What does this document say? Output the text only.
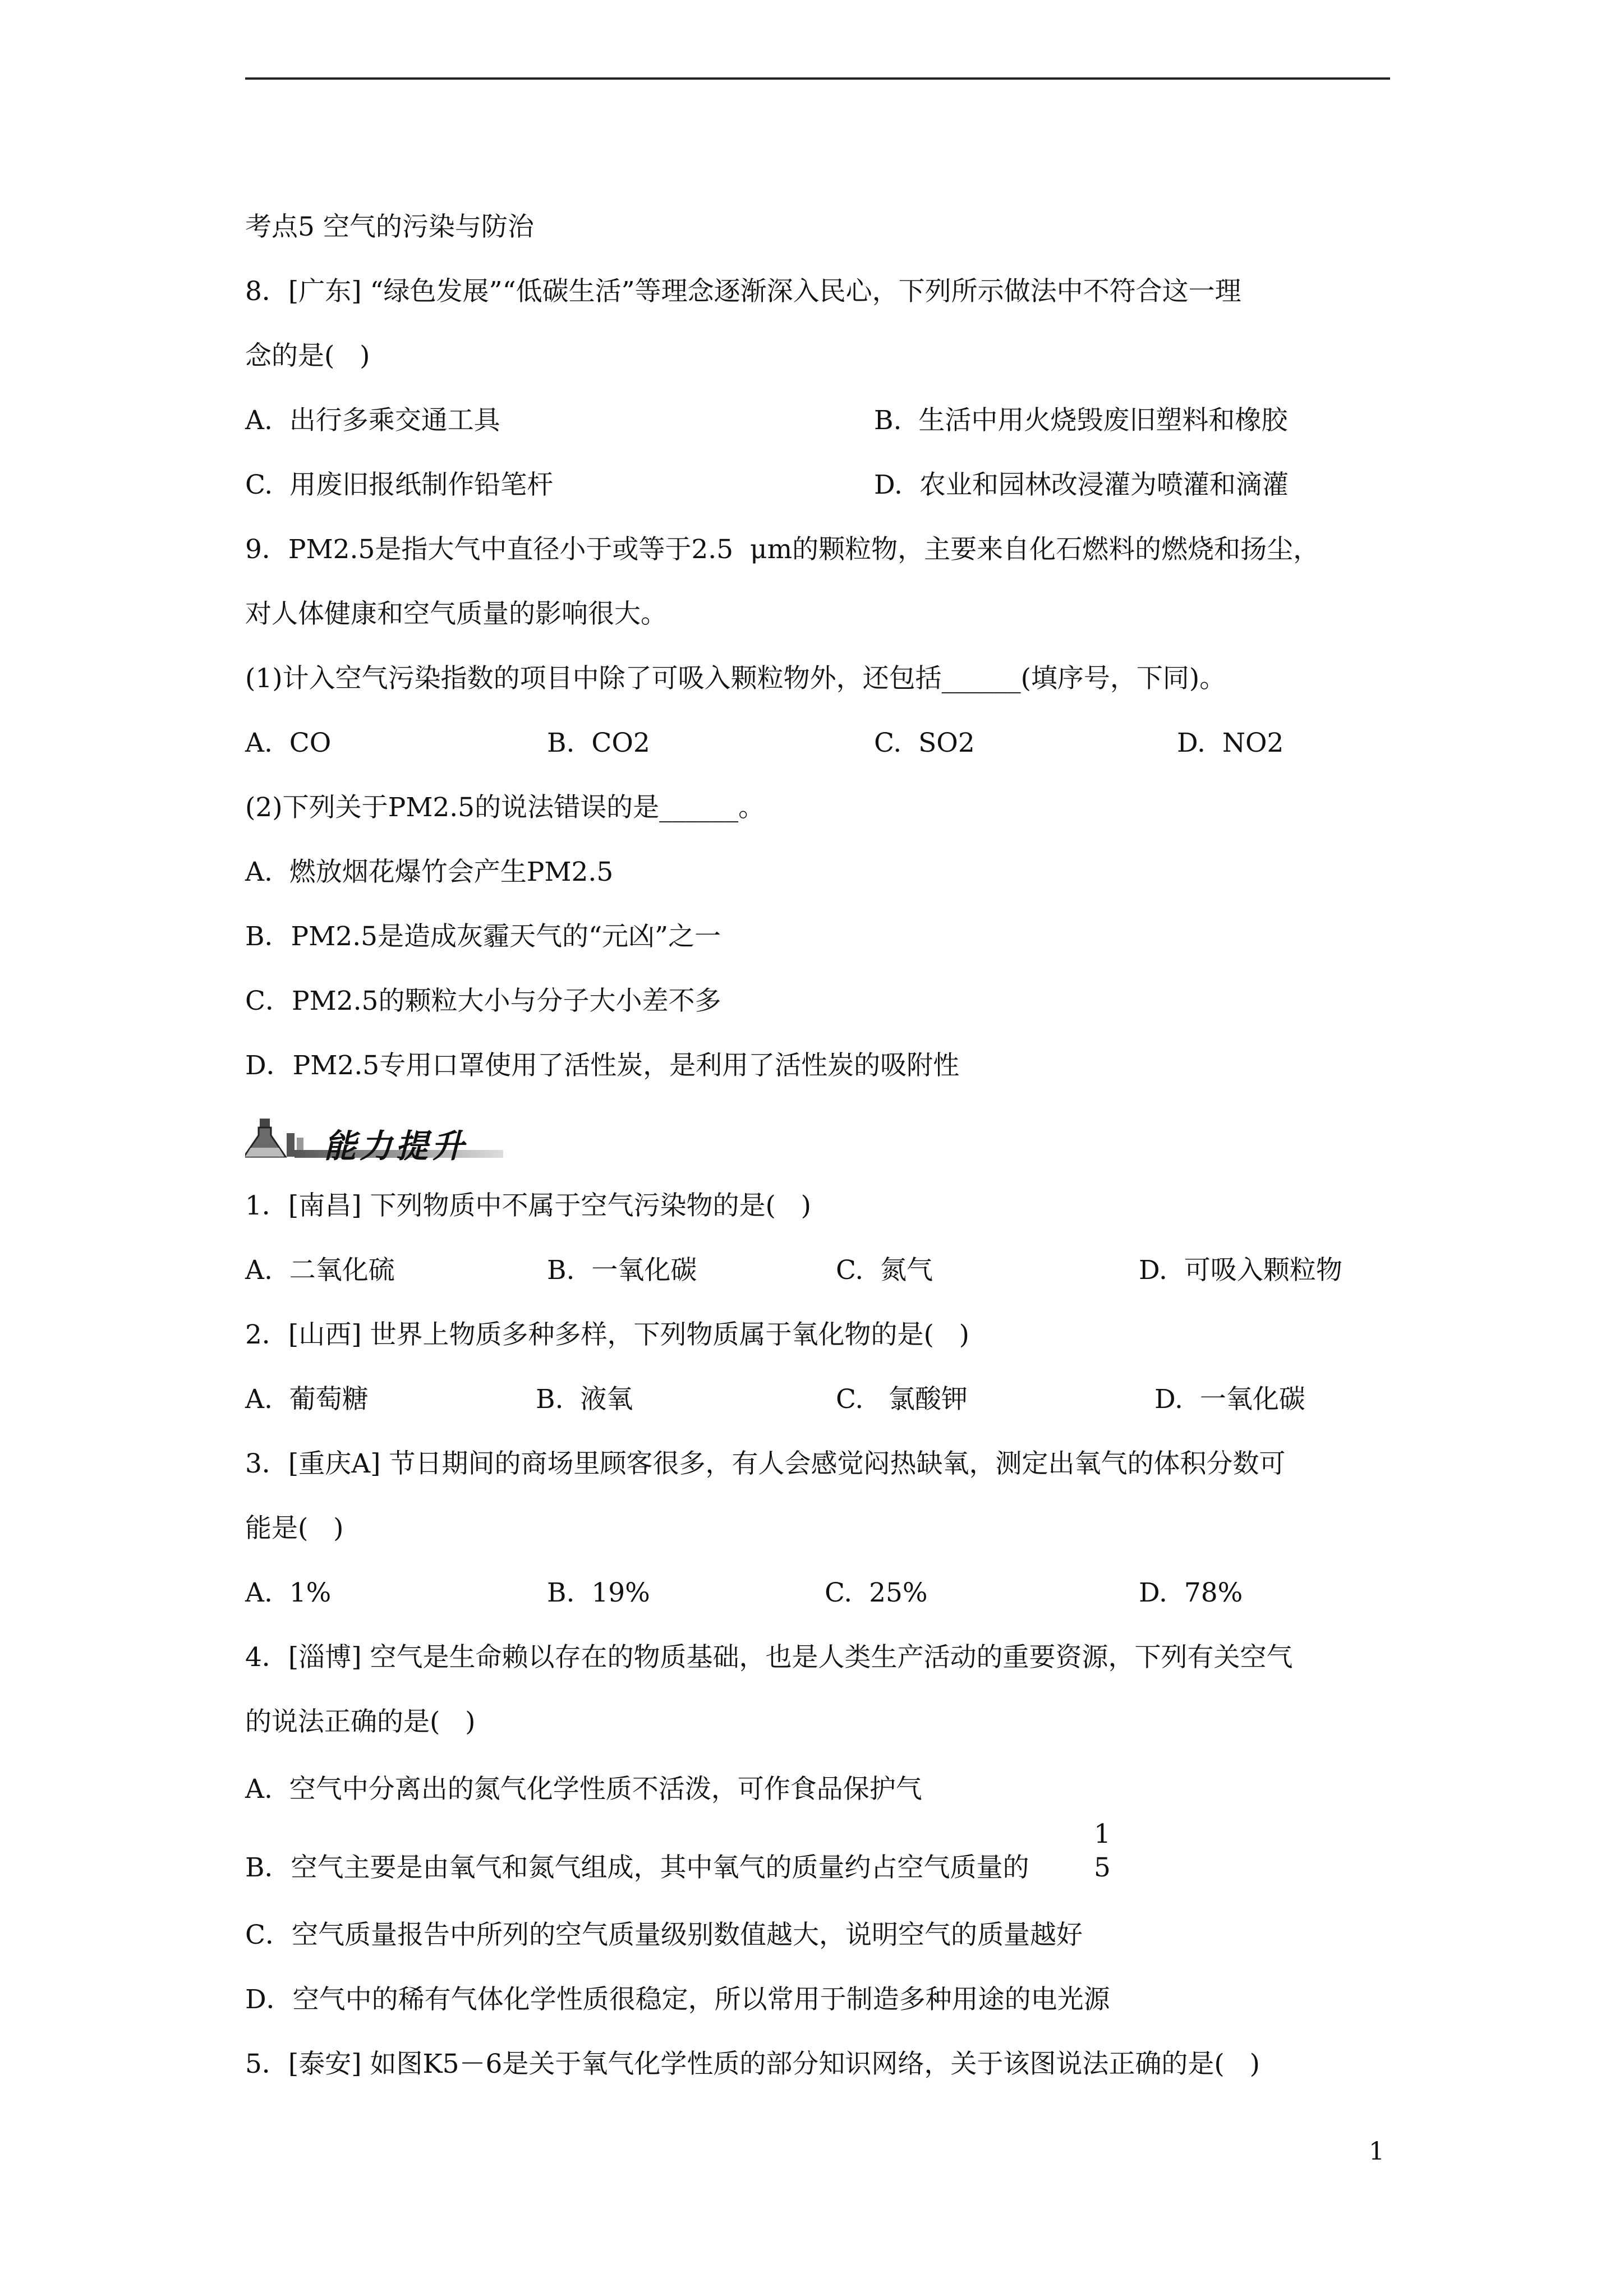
考点5 空气的污染与防治
8．[广东] “绿色发展”“低碳生活”等理念逐渐深入民心，下列所示做法中不符合这一理
念的是(   )
A.  出行多乘交通工具	B.  生活中用火烧毁废旧塑料和橡胶
C.  用废旧报纸制作铅笔杆	D.  农业和园林改浸灌为喷灌和滴灌
9．PM2.5是指大气中直径小于或等于2.5  μm的颗粒物，主要来自化石燃料的燃烧和扬尘，
对人体健康和空气质量的影响很大。
(1)计入空气污染指数的项目中除了可吸入颗粒物外，还包括______(填序号，下同)。
A.  CO	B.  CO2	C.  SO2	D.  NO2
(2)下列关于PM2.5的说法错误的是______。
A.  燃放烟花爆竹会产生PM2.5
B．PM2.5是造成灰霾天气的“元凶”之一
C．PM2.5的颗粒大小与分子大小差不多
D．PM2.5专用口罩使用了活性炭，是利用了活性炭的吸附性
能力提升
1．[南昌] 下列物质中不属于空气污染物的是(   )
A.  二氧化硫	B.  一氧化碳	C.  氮气	D.  可吸入颗粒物
2．[山西] 世界上物质多种多样，下列物质属于氧化物的是(   )
A.  葡萄糖	B.  液氧	C.   氯酸钾	D.  一氧化碳
3．[重庆A] 节日期间的商场里顾客很多，有人会感觉闷热缺氧，测定出氧气的体积分数可
能是(   )
A.  1%	B.  19%	C.  25%	D.  78%
4．[淄博] 空气是生命赖以存在的物质基础，也是人类生产活动的重要资源，下列有关空气
的说法正确的是(   )
A.  空气中分离出的氮气化学性质不活泼，可作食品保护气
B．空气主要是由氧气和氮气组成，其中氧气的质量约占空气质量的
1
5
C．空气质量报告中所列的空气质量级别数值越大，说明空气的质量越好
D．空气中的稀有气体化学性质很稳定，所以常用于制造多种用途的电光源
5．[泰安] 如图K5－6是关于氧气化学性质的部分知识网络，关于该图说法正确的是(   )
1
